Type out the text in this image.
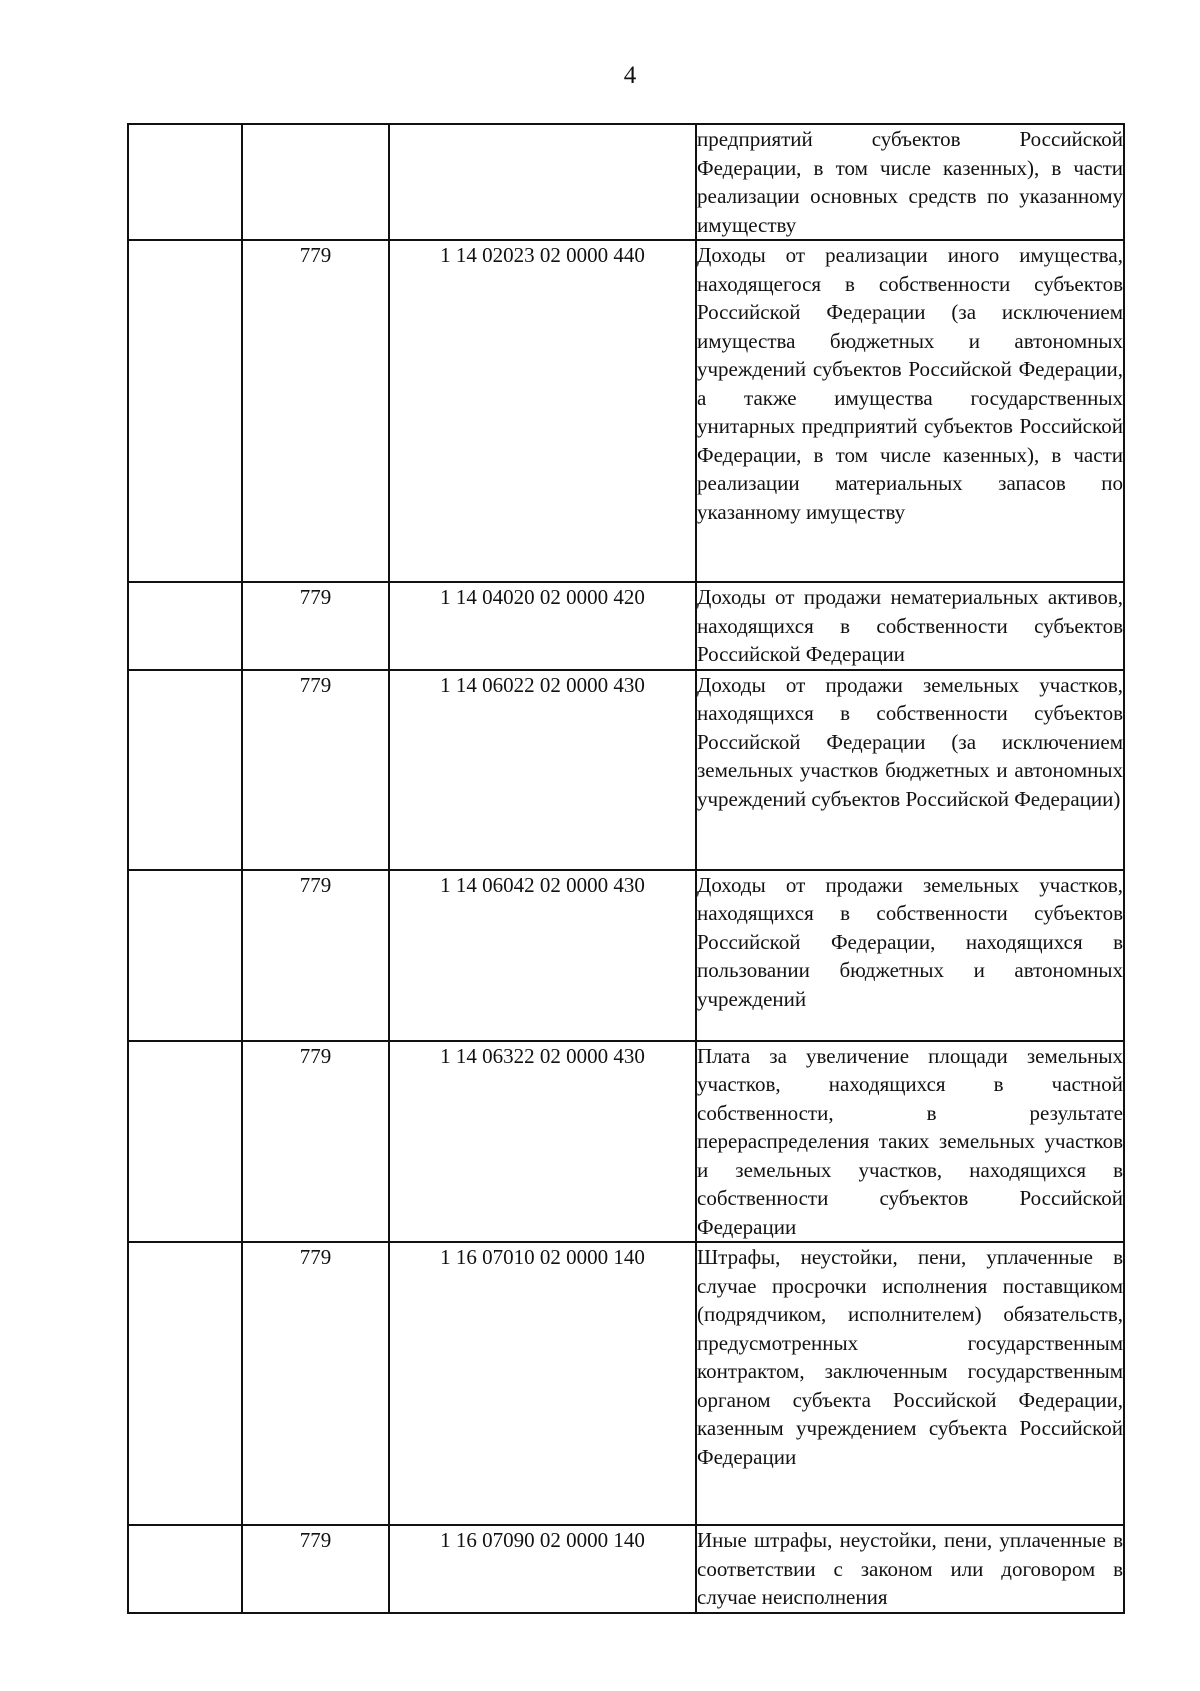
4
			предприятий субъектов Российской Федерации, в том числе казенных), в части реализации основных средств по указанному имуществу
	779	1 14 02023 02 0000 440	Доходы от реализации иного имущества, находящегося в собственности субъектов Российской Федерации (за исключением имущества бюджетных и автономных учреждений субъектов Российской Федерации, а также имущества государственных унитарных предприятий субъектов Российской Федерации, в том числе казенных), в части реализации материальных запасов по указанному имуществу
	779	1 14 04020 02 0000 420	Доходы от продажи нематериальных активов, находящихся в собственности субъектов Российской Федерации
	779	1 14 06022 02 0000 430	Доходы от продажи земельных участков, находящихся в собственности субъектов Российской Федерации (за исключением земельных участков бюджетных и автономных учреждений субъектов Российской Федерации)
	779	1 14 06042 02 0000 430	Доходы от продажи земельных участков, находящихся в собственности субъектов Российской Федерации, находящихся в пользовании бюджетных и автономных учреждений
	779	1 14 06322 02 0000 430	Плата за увеличение площади земельных участков, находящихся в частной собственности, в результате перераспределения таких земельных участков и земельных участков, находящихся в собственности субъектов Российской Федерации
	779	1 16 07010 02 0000 140	Штрафы, неустойки, пени, уплаченные в случае просрочки исполнения поставщиком (подрядчиком, исполнителем) обязательств, предусмотренных государственным контрактом, заключенным государственным органом субъекта Российской Федерации, казенным учреждением субъекта Российской Федерации
	779	1 16 07090 02 0000 140	Иные штрафы, неустойки, пени, уплаченные в соответствии с законом или договором в случае неисполнения
